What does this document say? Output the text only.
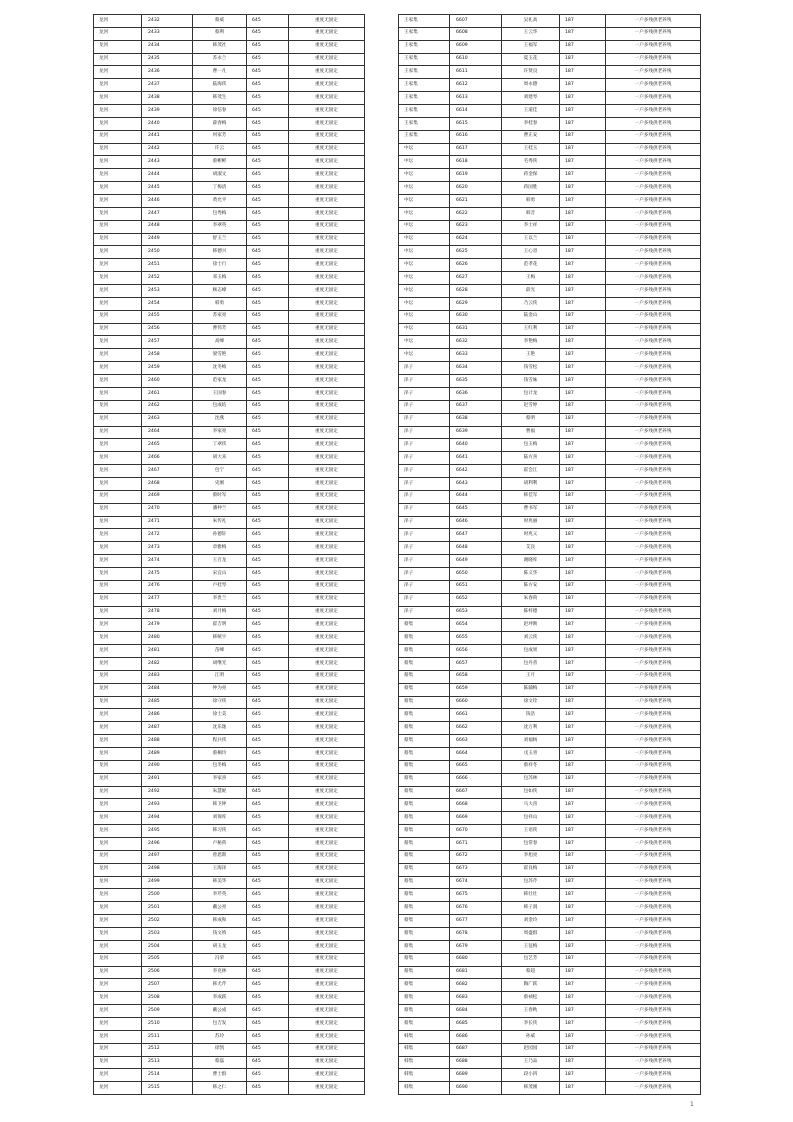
龙河	2432	蔡威	645	重度无固定
龙河	2433	蔡利	645	重度无固定
龙河	2434	韩茂社	645	重度无固定
龙河	2435	苏永兰	645	重度无固定
龙河	2436	曹一凡	645	重度无固定
龙河	2437	陆海侠	645	重度无固定
龙河	2438	韩茂生	645	重度无固定
龙河	2439	徐信春	645	重度无固定
龙河	2440	薛春梅	645	重度无固定
龙河	2441	何家芳	645	重度无固定
龙河	2442	许云	645	重度无固定
龙河	2443	蔡彬彬	645	重度无固定
龙河	2444	胡淑文	645	重度无固定
龙河	2445	丁梅清	645	重度无固定
龙河	2446	黄允平	645	重度无固定
龙河	2447	包秀梅	645	重度无固定
龙河	2448	李翠英	645	重度无固定
龙河	2449	舒玉兰	645	重度无固定
龙河	2450	韩德兴	645	重度无固定
龙河	2451	徐士行	645	重度无固定
龙河	2452	邓玉梅	645	重度无固定
龙河	2453	顾志峰	645	重度无固定
龙河	2454	韩勇	645	重度无固定
龙河	2455	苏家亮	645	重度无固定
龙河	2456	曹伟芳	645	重度无固定
龙河	2457	高峰	645	重度无固定
龙河	2458	梁雪艳	645	重度无固定
龙河	2459	沈冬梅	645	重度无固定
龙河	2460	范家龙	645	重度无固定
龙河	2461	王国春	645	重度无固定
龙河	2462	包成结	645	重度无固定
龙河	2463	沈燕	645	重度无固定
龙河	2464	李家亮	645	重度无固定
龙河	2465	丁翠侠	645	重度无固定
龙河	2466	胡大来	645	重度无固定
龙河	2467	包宁	645	重度无固定
龙河	2468	史刚	645	重度无固定
龙河	2469	蔡时军	645	重度无固定
龙河	2470	潘仲兰	645	重度无固定
龙河	2471	朱传礼	645	重度无固定
龙河	2472	孙德轩	645	重度无固定
龙河	2473	章雅梅	645	重度无固定
龙河	2474	王召龙	645	重度无固定
龙河	2475	宋宜山	645	重度无固定
龙河	2476	卢桂琴	645	重度无固定
龙河	2477	李贵兰	645	重度无固定
龙河	2478	刘月梅	645	重度无固定
龙河	2479	霍吉明	645	重度无固定
龙河	2480	韩统宇	645	重度无固定
龙河	2481	苗峰	645	重度无固定
龙河	2482	胡继光	645	重度无固定
龙河	2483	江明	645	重度无固定
龙河	2484	仲为亮	645	重度无固定
龙河	2485	徐守侠	645	重度无固定
龙河	2486	徐士美	645	重度无固定
龙河	2487	沈乐逸	645	重度无固定
龙河	2488	程兵侠	645	重度无固定
龙河	2489	蔡桐玲	645	重度无固定
龙河	2490	包冬梅	645	重度无固定
龙河	2491	李家喜	645	重度无固定
龙河	2492	朱慧妮	645	重度无固定
龙河	2493	韩卫钟	645	重度无固定
龙河	2494	刘保库	645	重度无固定
龙河	2495	韩习侠	645	重度无固定
龙河	2496	卢秘荷	645	重度无固定
龙河	2497	曾恩斯	645	重度无固定
龙河	2498	王海泽	645	重度无固定
龙河	2499	韩美华	645	重度无固定
龙河	2500	李芹英	645	重度无固定
龙河	2501	戴公亮	645	重度无固定
龙河	2502	韩成和	645	重度无固定
龙河	2503	钱文娇	645	重度无固定
龙河	2504	胡玉龙	645	重度无固定
龙河	2505	冯荣	645	重度无固定
龙河	2506	李克林	645	重度无固定
龙河	2507	韩尤芹	645	重度无固定
龙河	2508	李成跃	645	重度无固定
龙河	2509	戴公成	645	重度无固定
龙河	2510	包吉发	645	重度无固定
龙河	2511	苏玲	645	重度无固定
龙河	2512	徐凯	645	重度无固定
龙河	2513	蔡磊	645	重度无固定
龙河	2514	曹士群	645	重度无固定
龙河	2515	韩之仁	645	重度无固定
王家集	6607	吴礼高	187	一户多残供老养残
王家集	6608	王云华	187	一户多残供老养残
王家集	6609	王福军	187	一户多残供老养残
王家集	6610	夏玉花	187	一户多残供老养残
王家集	6611	许贤良	187	一户多残供老养残
王家集	6612	周永德	187	一户多残供老养残
王家集	6613	刘建琴	187	一户多残供老养残
王家集	6614	王道佳	187	一户多残供老养残
王家集	6615	李桂春	187	一户多残供老养残
王家集	6616	曹正安	187	一户多残供老养残
中坛	6617	王桂玉	187	一户多残供老养残
中坛	6618	毛秀侠	187	一户多残供老养残
中坛	6619	蒋金保	187	一户多残供老养残
中坛	6620	蒋国胜	187	一户多残供老养残
中坛	6621	韩勇	187	一户多残供老养残
中坛	6622	韩音	187	一户多残供老养残
中坛	6623	李士祥	187	一户多残供老养残
中坛	6624	王以兰	187	一户多残供老养残
中坛	6625	王心容	187	一户多残供老养残
中坛	6626	范孝花	187	一户多残供老养残
中坛	6627	王梅	187	一户多残供老养残
中坛	6628	薛光	187	一户多残供老养残
中坛	6629	乃云侠	187	一户多残供老养残
中坛	6630	陆金山	187	一户多残供老养残
中坛	6631	王红利	187	一户多残供老养残
中坛	6632	李艳梅	187	一户多残供老养残
中坛	6633	王艳	187	一户多残供老养残
泽子	6634	钱雪松	187	一户多残供老养残
泽子	6635	钱雪妹	187	一户多残供老养残
泽子	6636	包计龙	187	一户多残供老养残
泽子	6637	赵雪婷	187	一户多残供老养残
泽子	6638	蔡明	187	一户多残供老养残
泽子	6639	曹福	187	一户多残供老养残
泽子	6640	包玉梅	187	一户多残供老养残
泽子	6641	陆方喜	187	一户多残供老养残
泽子	6642	霍会江	187	一户多残供老养残
泽子	6643	胡利利	187	一户多残供老养残
泽子	6644	韩佳军	187	一户多残供老养残
泽子	6645	曹书军	187	一户多残供老养残
泽子	6646	时兆丽	187	一户多残供老养残
泽子	6647	时兆义	187	一户多残供老养残
泽子	6648	艾良	187	一户多残供老养残
泽子	6649	谢晓库	187	一户多残供老养残
泽子	6650	陈义华	187	一户多残供老养残
泽子	6651	陈方安	187	一户多残供老养残
泽子	6652	朱春荷	187	一户多残供老养残
泽子	6653	陈梓德	187	一户多残供老养残
蔡集	6654	赵坪勋	187	一户多残供老养残
蔡集	6655	刘云侠	187	一户多残供老养残
蔡集	6656	包成果	187	一户多残供老养残
蔡集	6657	包丹普	187	一户多残供老养残
蔡集	6658	王月	187	一户多残供老养残
蔡集	6659	陈辅梅	187	一户多残供老养残
蔡集	6660	徐文铨	187	一户多残供老养残
蔡集	6661	钱浩	187	一户多残供老养残
蔡集	6662	沈万利	187	一户多残供老养残
蔡集	6663	刘福杨	187	一户多残供老养残
蔡集	6664	戊玉青	187	一户多残供老养残
蔡集	6665	蔡祥冬	187	一户多残供老养残
蔡集	6666	包苏林	187	一户多残供老养残
蔡集	6667	包如侠	187	一户多残供老养残
蔡集	6668	马大帝	187	一户多残供老养残
蔡集	6669	包祥山	187	一户多残供老养残
蔡集	6670	王语侠	187	一户多残供老养残
蔡集	6671	包常春	187	一户多残供老养残
蔡集	6672	李旭亮	187	一户多残供老养残
蔡集	6673	霍良梅	187	一户多残供老养残
蔡集	6674	包苏芹	187	一户多残供老养残
蔡集	6675	韩壮壮	187	一户多残供老养残
蔡集	6676	韩子润	187	一户多残供老养残
蔡集	6677	刘金玲	187	一户多残供老养残
蔡集	6678	周盛群	187	一户多残供老养残
蔡集	6679	王征梅	187	一户多残供老养残
蔡集	6680	包艺芳	187	一户多残供老养残
蔡集	6681	蔡超	187	一户多残供老养残
蔡集	6682	陶广跃	187	一户多残供老养残
蔡集	6683	蔡祯松	187	一户多残供老养残
蔡集	6684	王春秋	187	一户多残供老养残
蔡集	6685	李长侠	187	一户多残供老养残
韩集	6686	孙威	187	一户多残供老养残
韩集	6687	赵园园	187	一户多残供老养残
韩集	6688	王乃品	187	一户多残供老养残
韩集	6689	段小四	187	一户多残供老养残
韩集	6690	韩茂刚	187	一户多残供老养残
1
